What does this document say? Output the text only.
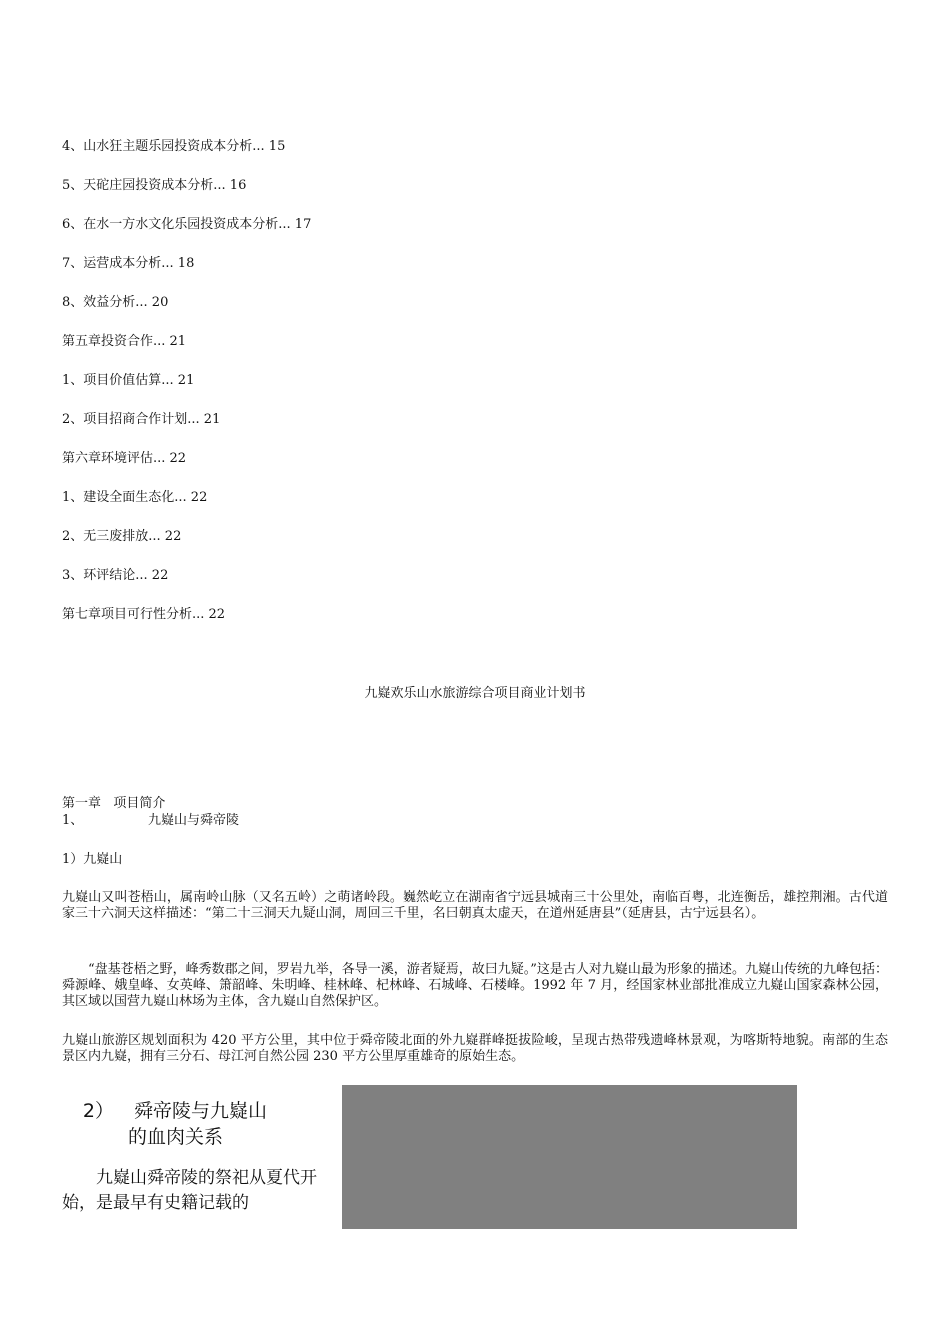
4、山水狂主题乐园投资成本分析... 15
5、天砣庄园投资成本分析... 16
6、在水一方水文化乐园投资成本分析... 17
7、运营成本分析... 18
8、效益分析... 20
第五章投资合作... 21
1、项目价值估算... 21
2、项目招商合作计划... 21
第六章环境评估... 22
1、建设全面生态化... 22
2、无三废排放... 22
3、环评结论... 22
第七章项目可行性分析... 22
九嶷欢乐山水旅游综合项目商业计划书
第一章   项目简介
1、	九嶷山与舜帝陵
1）九嶷山

九嶷山又叫苍梧山，属南岭山脉（又名五岭）之萌诸岭段。巍然屹立在湖南省宁远县城南三十公里处，南临百粤，北连衡岳，雄控荆湘。古代道家三十六洞天这样描述：“第二十三洞天九疑山洞，周回三千里，名曰朝真太虚天，在道州延唐县”（延唐县，古宁远县名）。

“盘基苍梧之野，峰秀数郡之间，罗岩九举，各导一溪，游者疑焉，故曰九疑。”这是古人对九嶷山最为形象的描述。九嶷山传统的九峰包括：舜源峰、娥皇峰、女英峰、箫韶峰、朱明峰、桂林峰、杞林峰、石城峰、石楼峰。1992 年 7 月，经国家林业部批准成立九嶷山国家森林公园，其区域以国营九嶷山林场为主体，含九嶷山自然保护区。

九嶷山旅游区规划面积为 420 平方公里，其中位于舜帝陵北面的外九嶷群峰挺拔险峻，呈现古热带残遗峰林景观，为喀斯特地貌。南部的生态景区内九嶷，拥有三分石、母江河自然公园 230 平方公里厚重雄奇的原始生态。

2） 舜帝陵与九嶷山
的血肉关系

九嶷山舜帝陵的祭祀从夏代开始，是最早有史籍记载的
